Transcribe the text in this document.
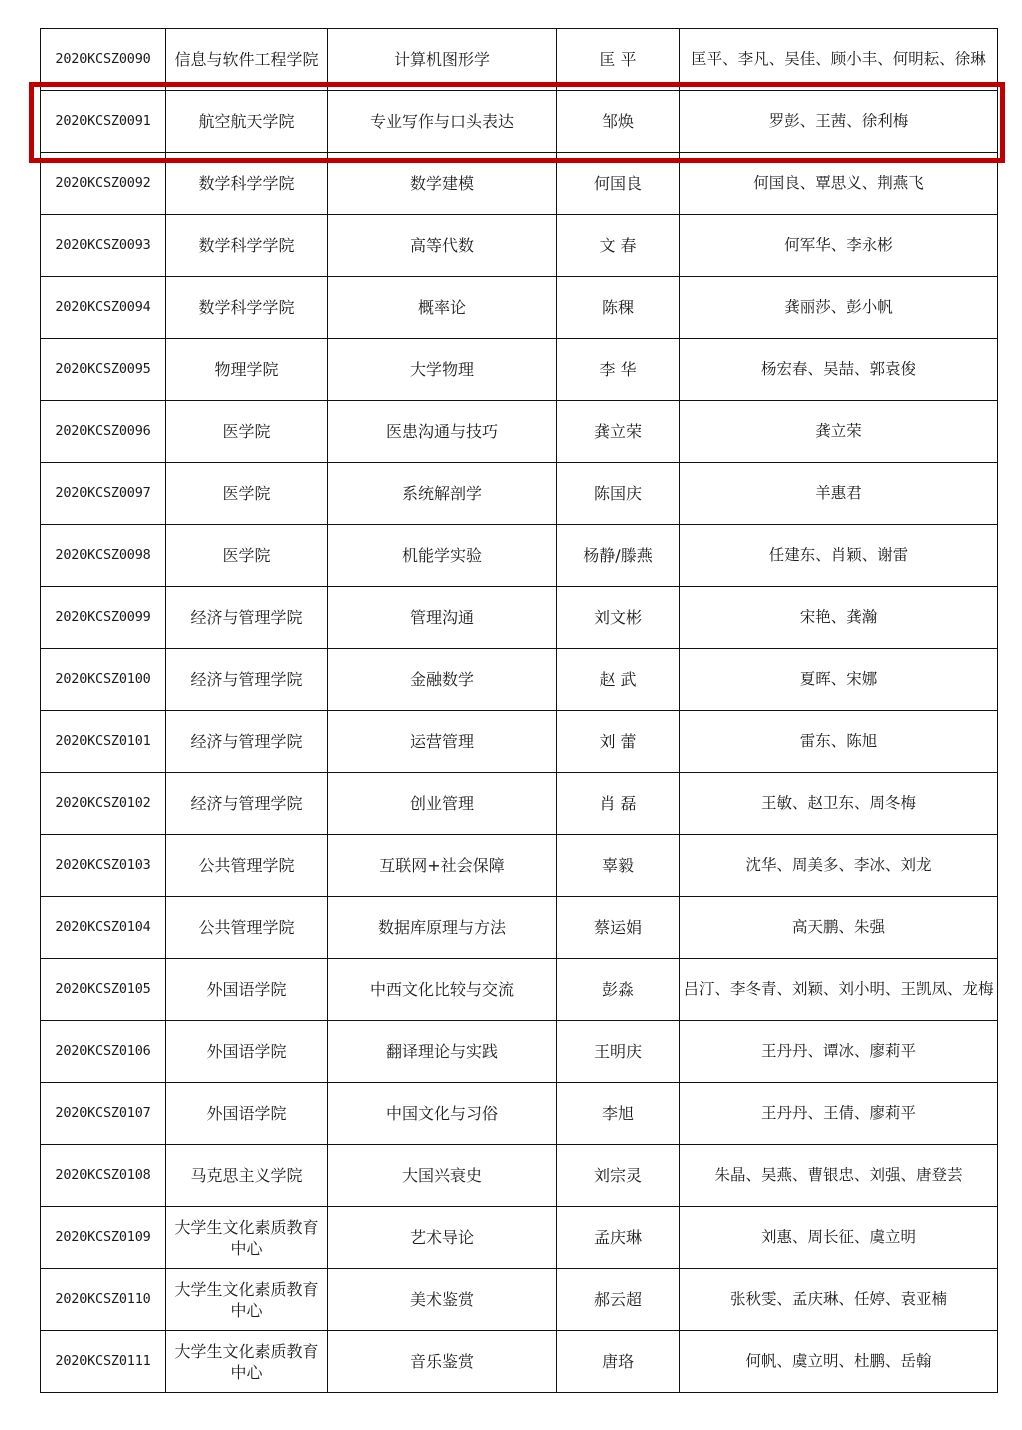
2020KCSZ0090	信息与软件工程学院	计算机图形学	匡 平	匡平、李凡、吴佳、顾小丰、何明耘、徐琳
2020KCSZ0091	航空航天学院	专业写作与口头表达	邹焕	罗彭、王茜、徐利梅
2020KCSZ0092	数学科学学院	数学建模	何国良	何国良、覃思义、荆燕飞
2020KCSZ0093	数学科学学院	高等代数	文 春	何军华、李永彬
2020KCSZ0094	数学科学学院	概率论	陈稞	龚丽莎、彭小帆
2020KCSZ0095	物理学院	大学物理	李 华	杨宏春、吴喆、郭袁俊
2020KCSZ0096	医学院	医患沟通与技巧	龚立荣	龚立荣
2020KCSZ0097	医学院	系统解剖学	陈国庆	羊惠君
2020KCSZ0098	医学院	机能学实验	杨静/滕燕	任建东、肖颖、谢雷
2020KCSZ0099	经济与管理学院	管理沟通	刘文彬	宋艳、龚瀚
2020KCSZ0100	经济与管理学院	金融数学	赵 武	夏晖、宋娜
2020KCSZ0101	经济与管理学院	运营管理	刘 蕾	雷东、陈旭
2020KCSZ0102	经济与管理学院	创业管理	肖 磊	王敏、赵卫东、周冬梅
2020KCSZ0103	公共管理学院	互联网+社会保障	辜毅	沈华、周美多、李冰、刘龙
2020KCSZ0104	公共管理学院	数据库原理与方法	蔡运娟	高天鹏、朱强
2020KCSZ0105	外国语学院	中西文化比较与交流	彭淼	吕汀、李冬青、刘颖、刘小明、王凯凤、龙梅
2020KCSZ0106	外国语学院	翻译理论与实践	王明庆	王丹丹、谭冰、廖莉平
2020KCSZ0107	外国语学院	中国文化与习俗	李旭	王丹丹、王倩、廖莉平
2020KCSZ0108	马克思主义学院	大国兴衰史	刘宗灵	朱晶、吴燕、曹银忠、刘强、唐登芸
2020KCSZ0109	大学生文化素质教育中心	艺术导论	孟庆琳	刘惠、周长征、虞立明
2020KCSZ0110	大学生文化素质教育中心	美术鉴赏	郝云超	张秋雯、孟庆琳、任婷、袁亚楠
2020KCSZ0111	大学生文化素质教育中心	音乐鉴赏	唐珞	何帆、虞立明、杜鹏、岳翰
